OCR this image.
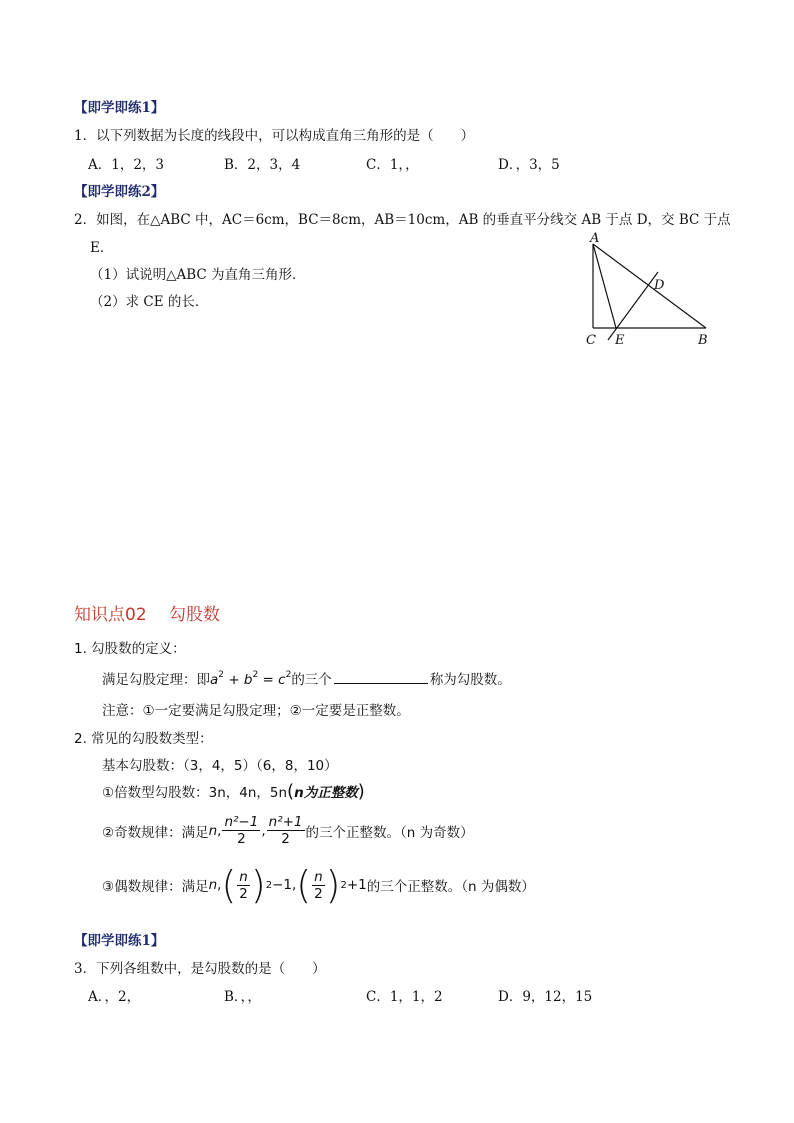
【即学即练1】
1．以下列数据为长度的线段中，可以构成直角三角形的是（　　）
A．1，2，3	B．2，3，4	C．1，，	D．，3，5
【即学即练2】
2．如图，在△ABC 中，AC＝6cm，BC＝8cm，AB＝10cm，AB 的垂直平分线交 AB 于点 D，交 BC 于点
E．
（1）试说明△ABC 为直角三角形．
（2）求 CE 的长．
A
D
C E	B
知识点02　 勾股数
1. 勾股数的定义：
满足勾股定理：即$a^2 + b^2 = c^2$的三个	称为勾股数。
注意：①一定要满足勾股定理；②一定要是正整数。
2. 常见的勾股数类型：
基本勾股数：（3，4，5）（6，8，10）
①倍数型勾股数：3n，4n，5n(n为正整数)
②奇数规律：满足 n , $\frac{\text{n²−1}}{2}$ , $\frac{\text{n²+1}}{2}$ 的三个正整数。（n 为奇数）
③偶数规律：满足 n , ( $\frac{n}{2}$ ) 2 −1 , ( $\frac{n}{2}$ ) 2 +1 的三个正整数。（n 为偶数）
【即学即练1】
3．下列各组数中，是勾股数的是（　　）
A．，2，	B．，，	C．1，1，2	D．9，12，15
